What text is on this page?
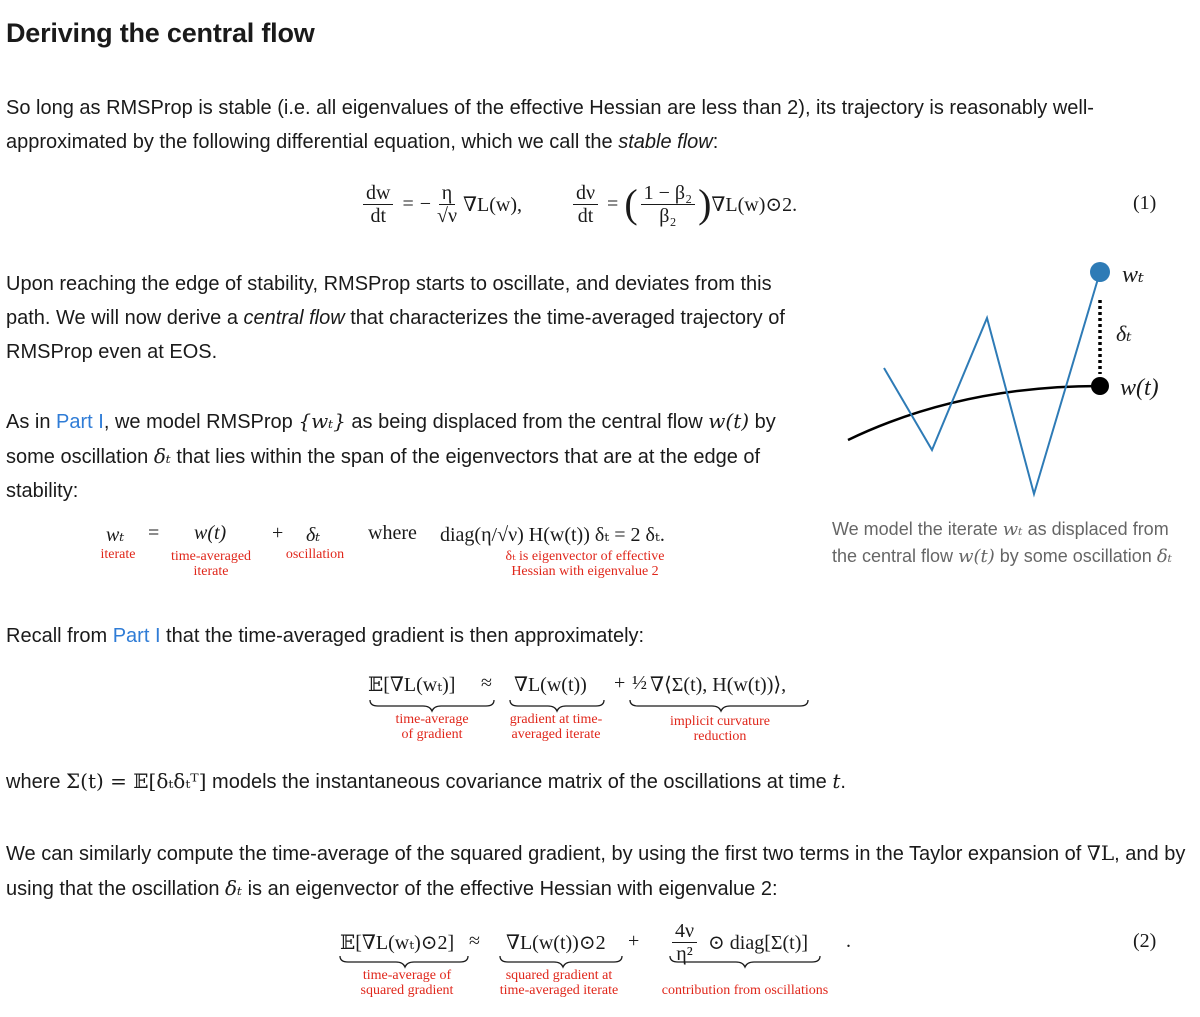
Deriving the central flow

So long as RMSProp is stable (i.e. all eigenvalues of the effective Hessian are less than 2), its trajectory is reasonably well-approximated by the following differential equation, which we call the stable flow:

$\frac{dw}{dt}$ = − $\frac{\eta}{√\nu} \nabla L(w)$,	$\frac{d\nu}{dt}$ = ( $\frac{\text{1 − β₂}}{\text{β₂}}$ ) ∇L(w)⊙2.	(1)

Upon reaching the edge of stability, RMSProp starts to oscillate, and deviates from this path. We will now derive a central flow that characterizes the time-averaged trajectory of RMSProp even at EOS.

As in Part I, we model RMSProp {wₜ} as being displaced from the central flow w(t) by some oscillation δₜ that lies within the span of the eigenvectors that are at the edge of stability:

wₜ = w(t) + δₜ where diag(η/√ν) H(w(t)) δₜ = 2 δₜ.
iterate	time-averaged
iterate
oscillation	δₜ is eigenvector of effective
Hessian with eigenvalue 2

Recall from Part I that the time-averaged gradient is then approximately:

𝔼[∇L(wₜ)] ≈ ∇L(w(t)) + ½ ∇⟨Σ(t), H(w(t))⟩,
time-average
of gradient
gradient at time-
averaged iterate
implicit curvature
reduction

where Σ(t) = 𝔼[δₜδₜᵀ] models the instantaneous covariance matrix of the oscillations at time t.

We can similarly compute the time-average of the squared gradient, by using the first two terms in the Taylor expansion of ∇L, and by using that the oscillation δₜ is an eigenvector of the effective Hessian with eigenvalue 2:

𝔼[∇L(wₜ)⊙2] ≈ ∇L(w(t))⊙2 + $\frac{4\nu}{\text{η²}}$ ⊙ diag[Σ(t)] .	(2)
time-average of
squared gradient
squared gradient at
time-averaged iterate	contribution from oscillations
wₜ
δₜ
w(t)
We model the iterate wₜ as displaced from the central flow w(t) by some oscillation δₜ
